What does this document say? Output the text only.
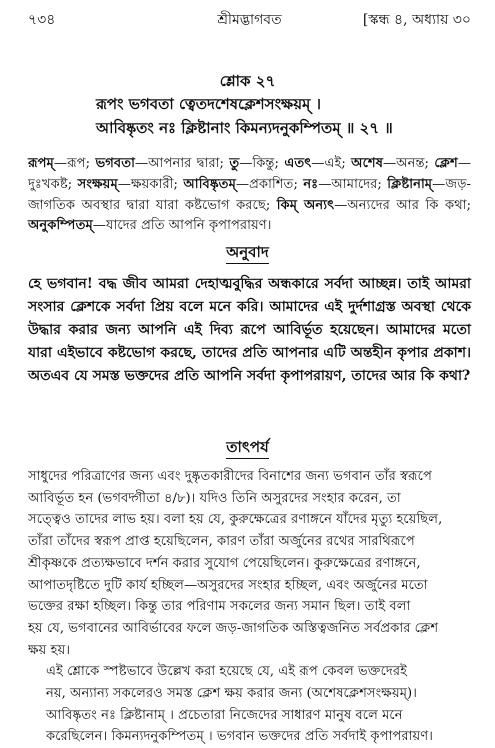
৭৩৪	শ্রীমদ্ভাগবত	[স্কন্ধ ৪, অধ্যায় ৩০
শ্লোক ২৭
রূপং ভগবতা ত্বেতদশেষক্লেশসংক্ষয়ম্ ।
আবিষ্কৃতং নঃ ক্লিষ্টানাং কিমন্যদনুকম্পিতম্ ॥ ২৭ ॥
রূপম্—রূপ; ভগবতা—আপনার দ্বারা; তু—কিন্তু; এতৎ—এই; অশেষ—অনন্ত; ক্লেশ—দুঃখকষ্ট; সংক্ষয়ম্—ক্ষয়কারী; আবিষ্কৃতম্—প্রকাশিত; নঃ—আমাদের; ক্লিষ্টানাম্—জড়-জাগতিক অবস্থার দ্বারা যারা কষ্টভোগ করছে; কিম্ অন্যৎ—অন্যদের আর কি কথা; অনুকম্পিতম্—যাদের প্রতি আপনি কৃপাপরায়ণ।
অনুবাদ
হে ভগবান! বদ্ধ জীব আমরা দেহাত্মবুদ্ধির অন্ধকারে সর্বদা আচ্ছন্ন। তাই আমরা সংসার ক্লেশকে সর্বদা প্রিয় বলে মনে করি। আমাদের এই দুর্দশাগ্রস্ত অবস্থা থেকে উদ্ধার করার জন্য আপনি এই দিব্য রূপে আবির্ভূত হয়েছেন। আমাদের মতো যারা এইভাবে কষ্টভোগ করছে, তাদের প্রতি আপনার এটি অন্তহীন কৃপার প্রকাশ। অতএব যে সমস্ত ভক্তদের প্রতি আপনি সর্বদা কৃপাপরায়ণ, তাদের আর কি কথা?
তাৎপর্য

সাধুদের পরিত্রাণের জন্য এবং দুষ্কৃতকারীদের বিনাশের জন্য ভগবান তাঁর স্বরূপে
আবির্ভূত হন (ভগবদ্গীতা ৪/৮)। যদিও তিনি অসুরদের সংহার করেন, তা
সত্ত্বেও তাদের লাভ হয়। বলা হয় যে, কুরুক্ষেত্রের রণাঙ্গনে যাঁদের মৃত্যু হয়েছিল,
তাঁরা তাঁদের স্বরূপ প্রাপ্ত হয়েছিলেন, কারণ তাঁরা অর্জুনের রথের সারথিরূপে
শ্রীকৃষ্ণকে প্রত্যক্ষভাবে দর্শন করার সুযোগ পেয়েছিলেন। কুরুক্ষেত্রের রণাঙ্গনে,
আপাতদৃষ্টিতে দুটি কার্য হচ্ছিল—অসুরদের সংহার হচ্ছিল, এবং অর্জুনের মতো
ভক্তের রক্ষা হচ্ছিল। কিন্তু তার পরিণাম সকলের জন্য সমান ছিল। তাই বলা
হয় যে, ভগবানের আবির্ভাবের ফলে জড়-জাগতিক অস্তিত্বজনিত সর্বপ্রকার ক্লেশ
ক্ষয় হয়।

এই শ্লোকে স্পষ্টভাবে উল্লেখ করা হয়েছে যে, এই রূপ কেবল ভক্তদেরই
নয়, অন্যান্য সকলেরও সমস্ত ক্লেশ ক্ষয় করার জন্য (অশেষক্লেশসংক্ষয়ম্)।
আবিষ্কৃতং নঃ ক্লিষ্টানাম্ । প্রচেতারা নিজেদের সাধারণ মানুষ বলে মনে
করেছিলেন। কিমন্যদনুকম্পিতম্ । ভগবান ভক্তদের প্রতি সর্বদাই কৃপাপরায়ণ।
